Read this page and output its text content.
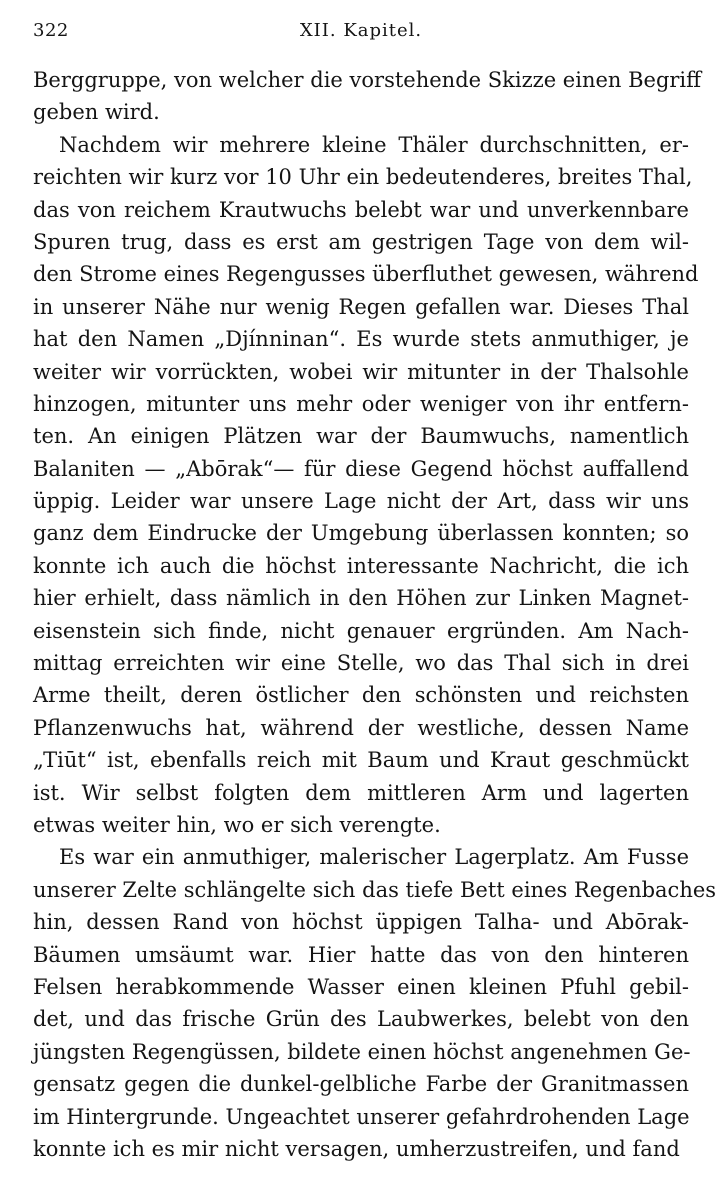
322	XII. Kapitel.
Berggruppe, von welcher die vorstehende Skizze einen Begriff
geben wird.
Nachdem wir mehrere kleine Thäler durchschnitten, er-
reichten wir kurz vor 10 Uhr ein bedeutenderes, breites Thal,
das von reichem Krautwuchs belebt war und unverkennbare
Spuren trug, dass es erst am gestrigen Tage von dem wil-
den Strome eines Regengusses überfluthet gewesen, während
in unserer Nähe nur wenig Regen gefallen war. Dieses Thal
hat den Namen „Djínninan“. Es wurde stets anmuthiger, je
weiter wir vorrückten, wobei wir mitunter in der Thalsohle
hinzogen, mitunter uns mehr oder weniger von ihr entfern-
ten. An einigen Plätzen war der Baumwuchs, namentlich
Balaniten — „Abōrak“— für diese Gegend höchst auffallend
üppig. Leider war unsere Lage nicht der Art, dass wir uns
ganz dem Eindrucke der Umgebung überlassen konnten; so
konnte ich auch die höchst interessante Nachricht, die ich
hier erhielt, dass nämlich in den Höhen zur Linken Magnet-
eisenstein sich finde, nicht genauer ergründen. Am Nach-
mittag erreichten wir eine Stelle, wo das Thal sich in drei
Arme theilt, deren östlicher den schönsten und reichsten
Pflanzenwuchs hat, während der westliche, dessen Name
„Tiūt“ ist, ebenfalls reich mit Baum und Kraut geschmückt
ist. Wir selbst folgten dem mittleren Arm und lagerten
etwas weiter hin, wo er sich verengte.
Es war ein anmuthiger, malerischer Lagerplatz. Am Fusse
unserer Zelte schlängelte sich das tiefe Bett eines Regenbaches
hin, dessen Rand von höchst üppigen Talha- und Abōrak-
Bäumen umsäumt war. Hier hatte das von den hinteren
Felsen herabkommende Wasser einen kleinen Pfuhl gebil-
det, und das frische Grün des Laubwerkes, belebt von den
jüngsten Regengüssen, bildete einen höchst angenehmen Ge-
gensatz gegen die dunkel-gelbliche Farbe der Granitmassen
im Hintergrunde. Ungeachtet unserer gefahrdrohenden Lage
konnte ich es mir nicht versagen, umherzustreifen, und fand
